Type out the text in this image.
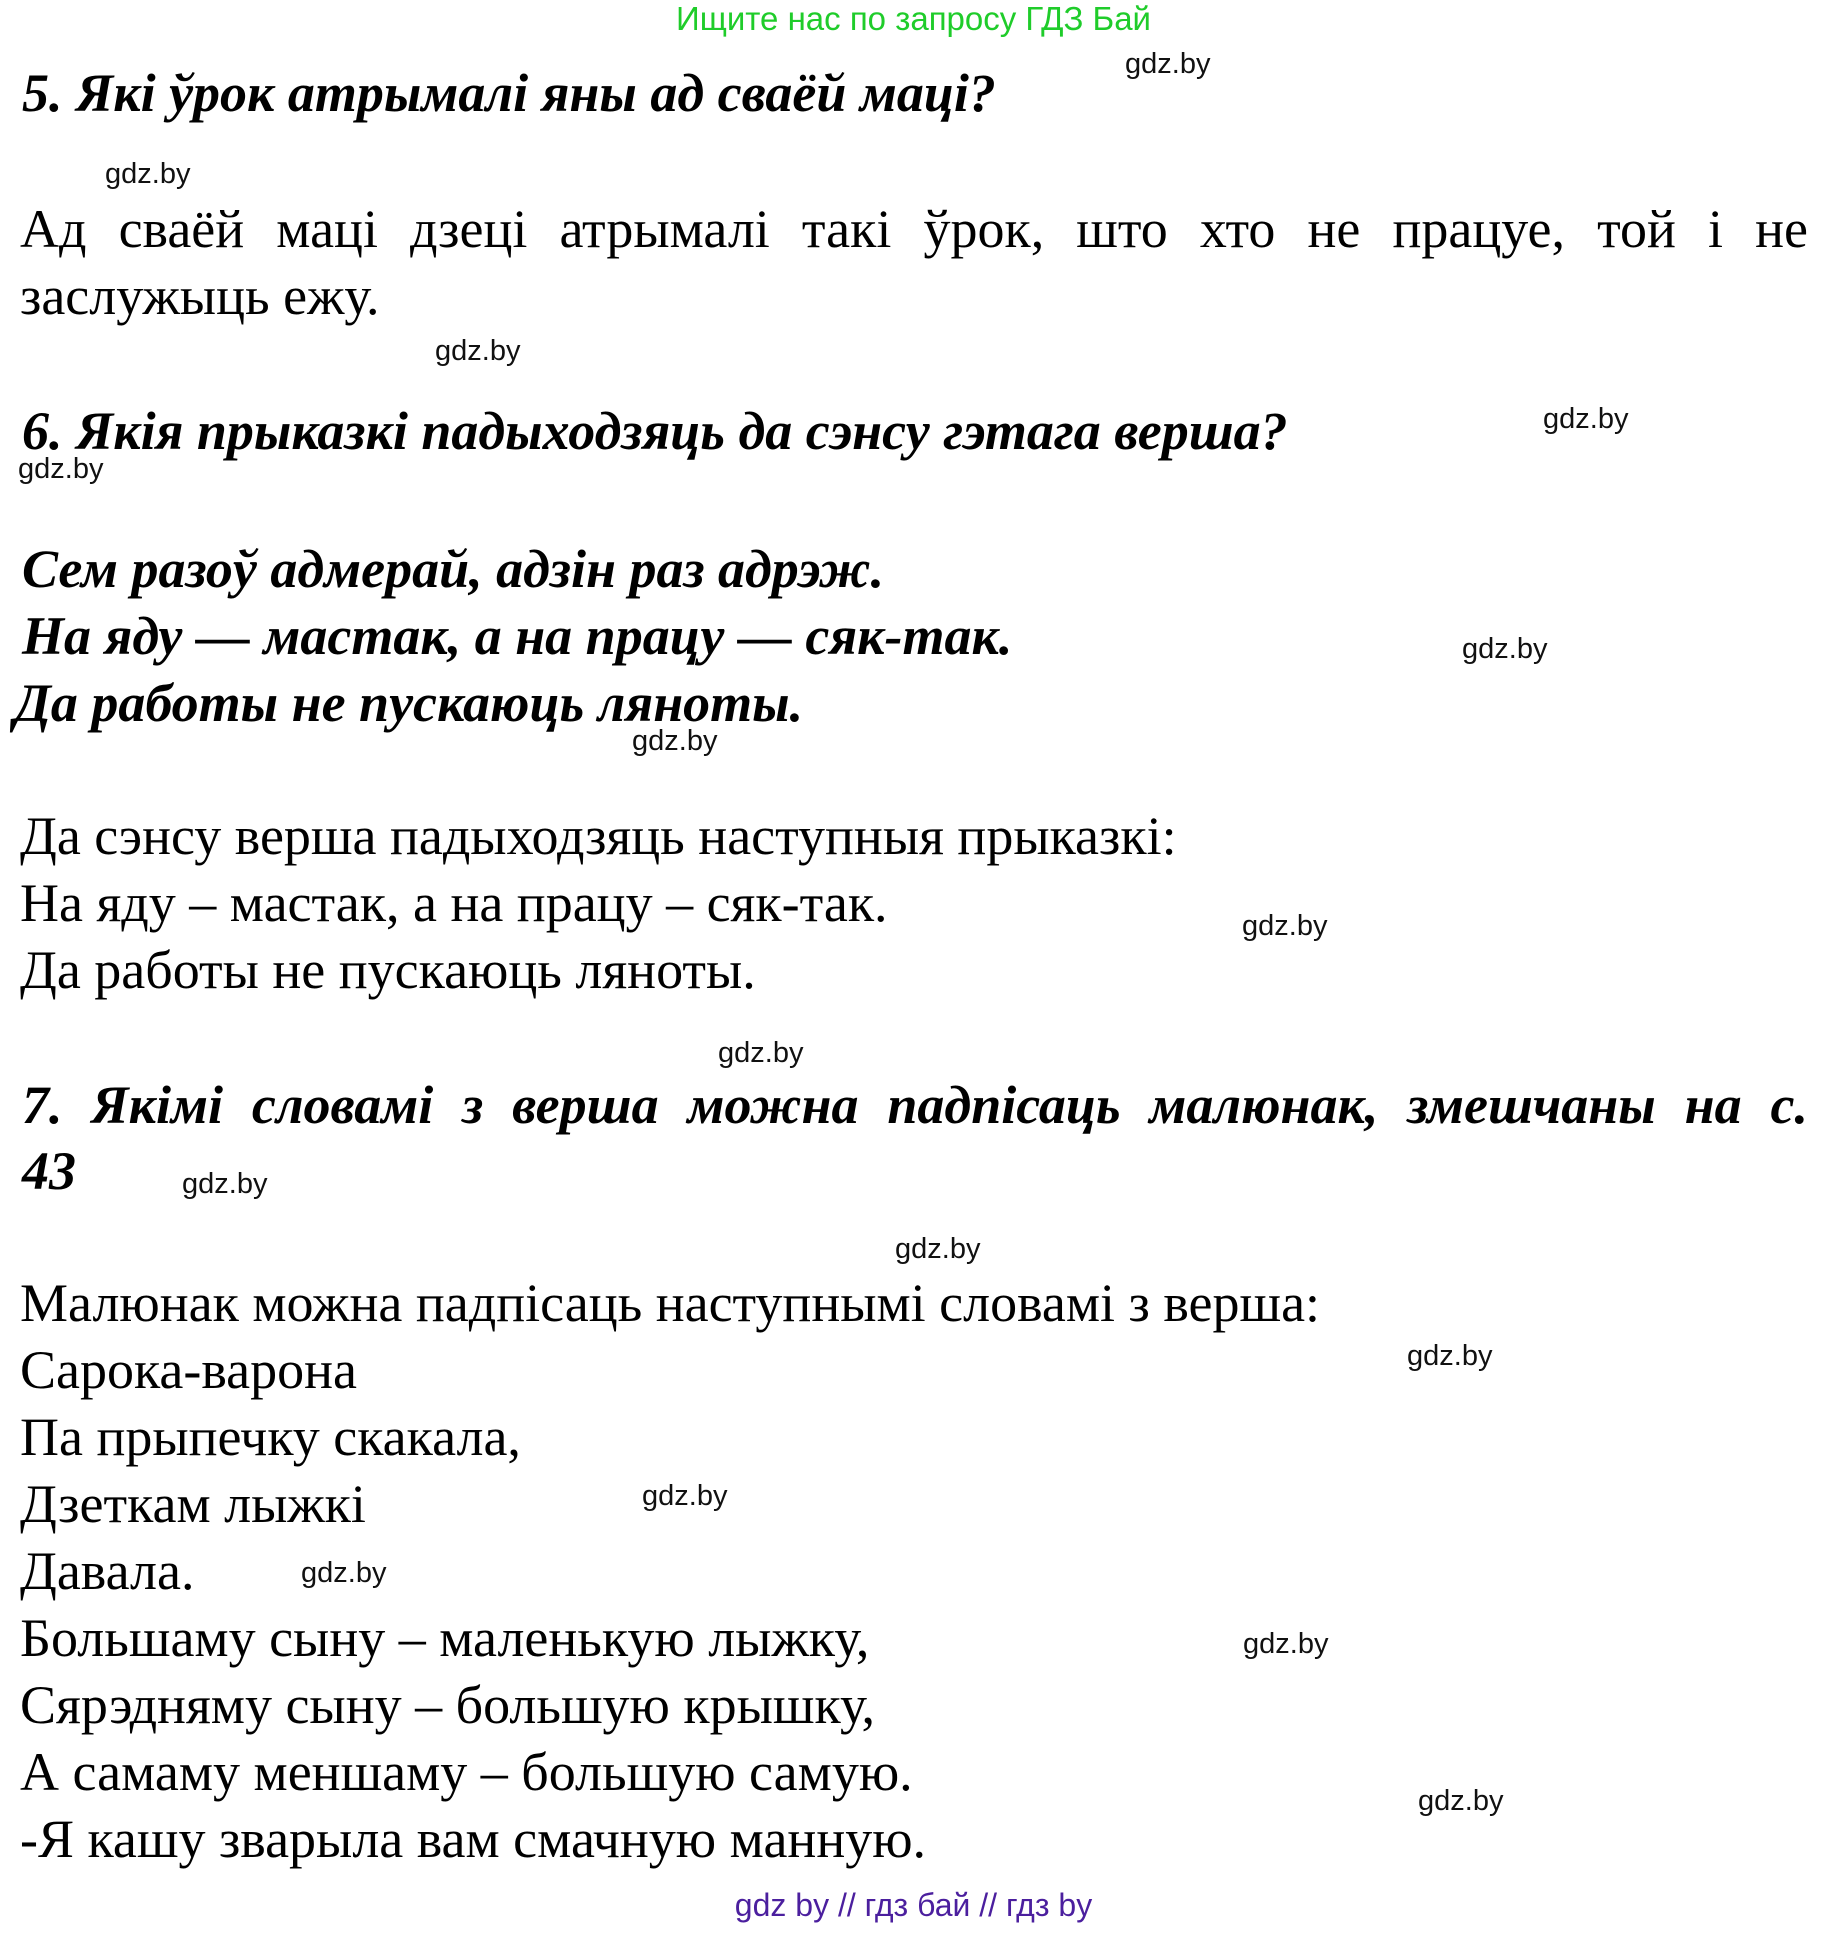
Ищите нас по запросу ГДЗ Бай
5. Які ўрок атрымалі яны ад сваёй маці?
Ад сваёй маці дзеці атрымалі такі ўрок, што хто не працуе, той і не
заслужыць ежу.
6. Якія прыказкі падыходзяць да сэнсу гэтага верша?
Сем разоў адмерай, адзін раз адрэж.
На яду — мастак, а на працу — сяк-так.
Да работы не пускаюць ляноты.
Да сэнсу верша падыходзяць наступныя прыказкі:
На яду – мастак, а на працу – сяк-так.
Да работы не пускаюць ляноты.
7. Якімі словамі з верша можна падпісаць малюнак, змешчаны на с.
43
Малюнак можна падпісаць наступнымі словамі з верша:
Сарока-варона
Па прыпечку скакала,
Дзеткам лыжкі
Давала.
Большаму сыну – маленькую лыжку,
Сярэдняму сыну – большую крышку,
А самаму меншаму – большую самую.
-Я кашу зварыла вам смачную манную.
gdz.by
gdz.by
gdz.by
gdz.by
gdz.by
gdz.by
gdz.by
gdz.by
gdz.by
gdz.by
gdz.by
gdz.by
gdz.by
gdz.by
gdz.by
gdz.by
gdz by // гдз бай // гдз by
